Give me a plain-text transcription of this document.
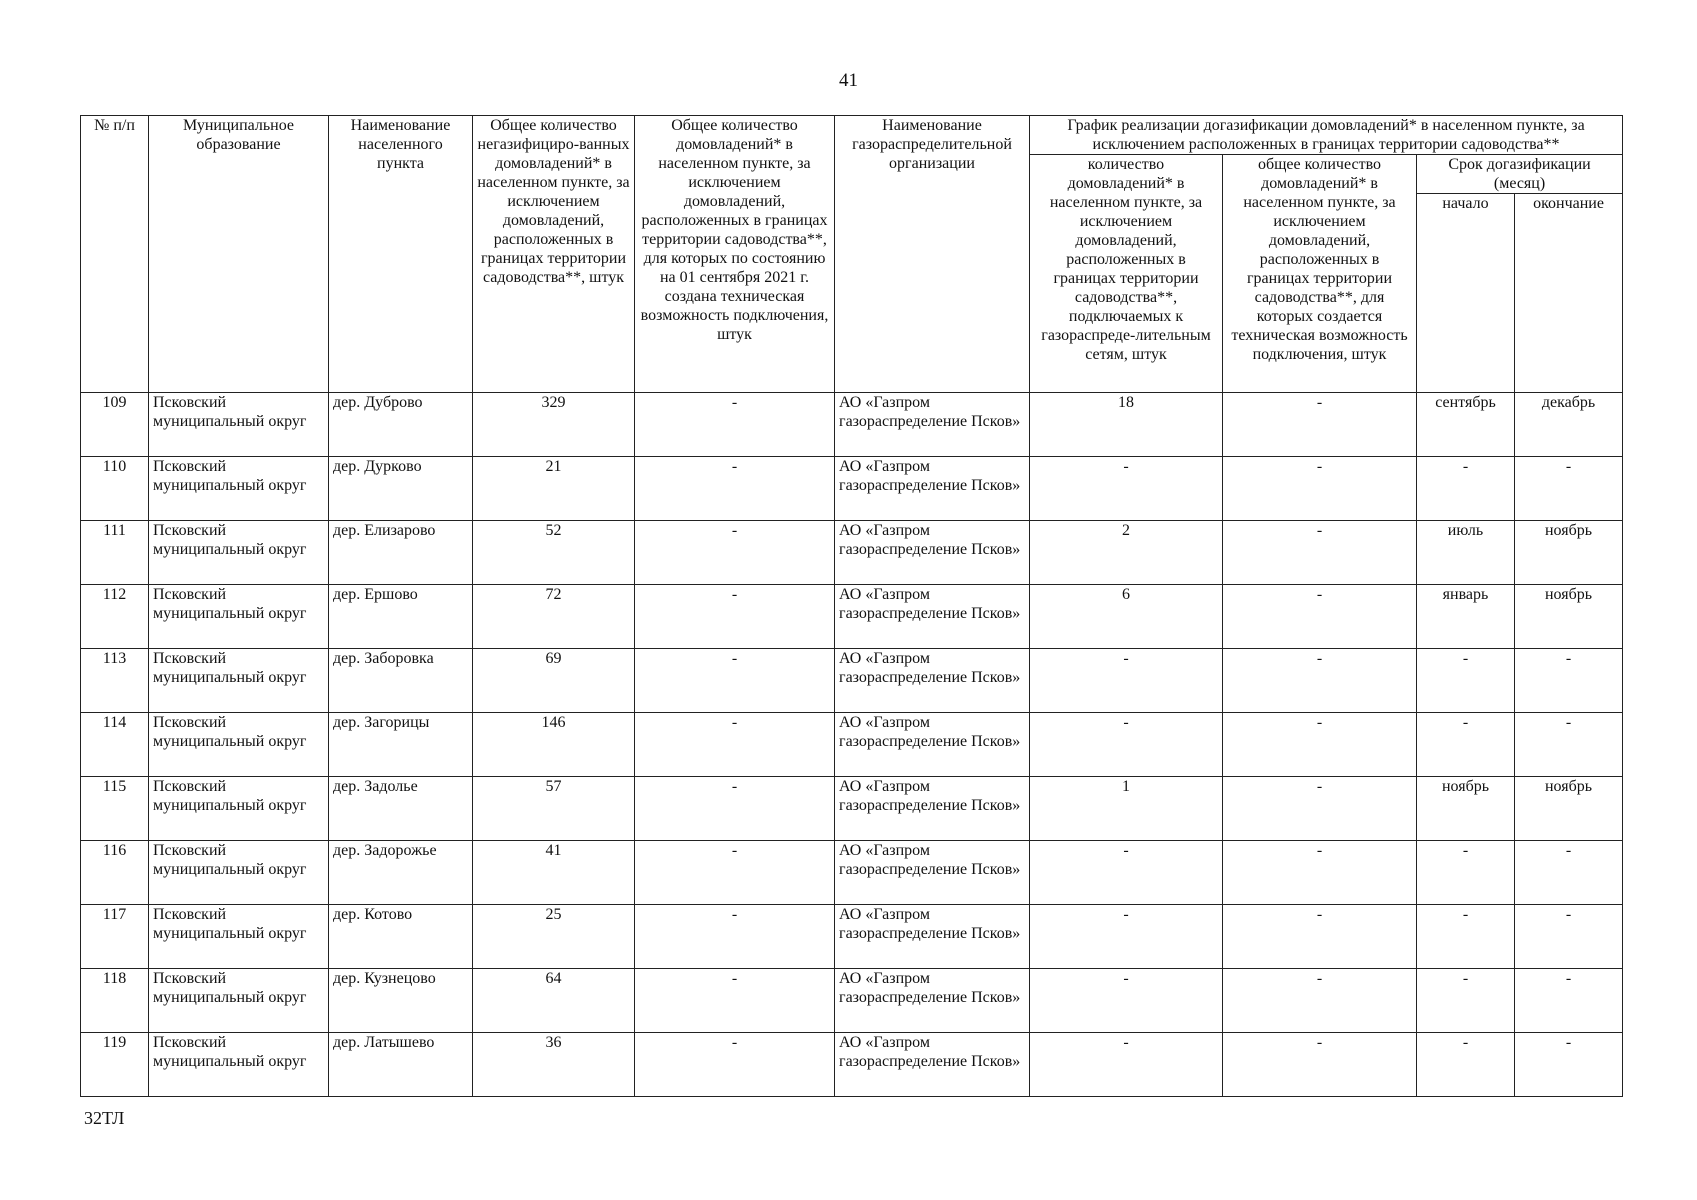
41
№ п/п	Муниципальное образование	Наименование населенного пункта	Общее количество негазифициро-ванных домовладений* в населенном пункте, за исключением домовладений, расположенных в границах территории садоводства**, штук	Общее количество домовладений* в населенном пункте, за исключением домовладений, расположенных в границах территории садоводства**, для которых по состоянию на 01 сентября 2021 г. создана техническая возможность подключения, штук	Наименование газораспределительной организации	График реализации догазификации домовладений* в населенном пункте, за исключением расположенных в границах территории садоводства**			
						количество домовладений* в населенном пункте, за исключением домовладений, расположенных в границах территории садоводства**, подключаемых к газораспреде-лительным сетям, штук	общее количество домовладений* в населенном пункте, за исключением домовладений, расположенных в границах территории садоводства**, для которых создается техническая возможность подключения, штук	Срок догазификации (месяц)	
								начало	окончание
109	Псковский муниципальный округ	дер. Дуброво	329	-	АО «Газпром газораспределение Псков»	18	-	сентябрь	декабрь
110	Псковский муниципальный округ	дер. Дурково	21	-	АО «Газпром газораспределение Псков»	-	-	-	-
111	Псковский муниципальный округ	дер. Елизарово	52	-	АО «Газпром газораспределение Псков»	2	-	июль	ноябрь
112	Псковский муниципальный округ	дер. Ершово	72	-	АО «Газпром газораспределение Псков»	6	-	январь	ноябрь
113	Псковский муниципальный округ	дер. Заборовка	69	-	АО «Газпром газораспределение Псков»	-	-	-	-
114	Псковский муниципальный округ	дер. Загорицы	146	-	АО «Газпром газораспределение Псков»	-	-	-	-
115	Псковский муниципальный округ	дер. Задолье	57	-	АО «Газпром газораспределение Псков»	1	-	ноябрь	ноябрь
116	Псковский муниципальный округ	дер. Задорожье	41	-	АО «Газпром газораспределение Псков»	-	-	-	-
117	Псковский муниципальный округ	дер. Котово	25	-	АО «Газпром газораспределение Псков»	-	-	-	-
118	Псковский муниципальный округ	дер. Кузнецово	64	-	АО «Газпром газораспределение Псков»	-	-	-	-
119	Псковский муниципальный округ	дер. Латышево	36	-	АО «Газпром газораспределение Псков»	-	-	-	-
32ТЛ
